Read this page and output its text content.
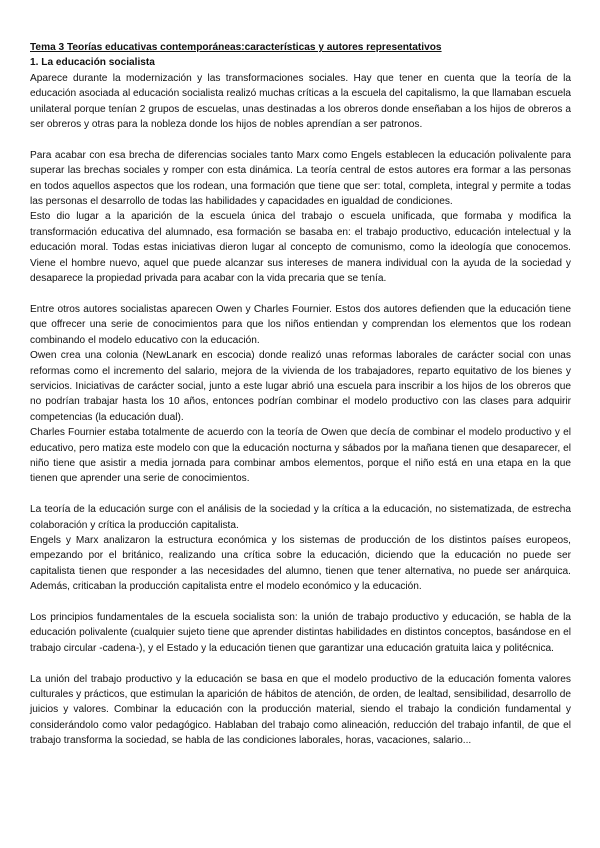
Tema 3 Teorías educativas contemporáneas:características y autores representativos
1. La educación socialista

Aparece durante la modernización y las transformaciones sociales. Hay que tener en cuenta que la teoría de la educación asociada al educación socialista realizó muchas críticas a la escuela del capitalismo, la que llamaban escuela unilateral porque tenían 2 grupos de escuelas, unas destinadas a los obreros donde enseñaban a los hijos de obreros a ser obreros y otras para la nobleza donde los hijos de nobles aprendían a ser patronos.

Para acabar con esa brecha de diferencias sociales tanto Marx como Engels establecen la educación polivalente para superar las brechas sociales y romper con esta dinámica. La teoría central de estos autores era formar a las personas en todos aquellos aspectos que los rodean, una formación que tiene que ser: total, completa, integral y permite a todas las personas el desarrollo de todas las habilidades y capacidades en igualdad de condiciones.

Esto dio lugar a la aparición de la escuela única del trabajo o escuela unificada, que formaba y modifica la transformación educativa del alumnado, esa formación se basaba en: el trabajo productivo, educación intelectual y la educación moral. Todas estas iniciativas dieron lugar al concepto de comunismo, como la ideología que conocemos. Viene el hombre nuevo, aquel que puede alcanzar sus intereses de manera individual con la ayuda de la sociedad y desaparece la propiedad privada para acabar con la vida precaria que se tenía.

Entre otros autores socialistas aparecen Owen y Charles Fournier. Estos dos autores defienden que la educación tiene que offrecer una serie de conocimientos para que los niños entiendan y comprendan los elementos que los rodean combinando el modelo educativo con la educación.

Owen crea una colonia (NewLanark en escocia) donde realizó unas reformas laborales de carácter social con unas reformas como el incremento del salario, mejora de la vivienda de los trabajadores, reparto equitativo de los bienes y servicios. Iniciativas de carácter social, junto a este lugar abrió una escuela para inscribir a los hijos de los obreros que no podrían trabajar hasta los 10 años, entonces podrían combinar el modelo productivo con las clases para adquirir competencias (la educación dual).

Charles Fournier estaba totalmente de acuerdo con la teoría de Owen que decía de combinar el modelo productivo y el educativo, pero matiza este modelo con que la educación nocturna y sábados por la mañana tienen que desaparecer, el niño tiene que asistir a media jornada para combinar ambos elementos, porque el niño está en una etapa en la que tienen que aprender una serie de conocimientos.

La teoría de la educación surge con el análisis de la sociedad y la crítica a la educación, no sistematizada, de estrecha colaboración y crítica la producción capitalista.

Engels y Marx analizaron la estructura económica y los sistemas de producción de los distintos países europeos, empezando por el británico, realizando una crítica sobre la educación, diciendo que la educación no puede ser capitalista tienen que responder a las necesidades del alumno, tienen que tener alternativa, no puede ser anárquica. Además, criticaban la producción capitalista entre el modelo económico y la educación.

Los principios fundamentales de la escuela socialista son: la unión de trabajo productivo y educación, se habla de la educación polivalente (cualquier sujeto tiene que aprender distintas habilidades en distintos conceptos, basándose en el trabajo circular -cadena-), y el Estado y la educación tienen que garantizar una educación gratuita laica y politécnica.

La unión del trabajo productivo y la educación se basa en que el modelo productivo de la educación fomenta valores culturales y prácticos, que estimulan la aparición de hábitos de atención, de orden, de lealtad, sensibilidad, desarrollo de juicios y valores. Combinar la educación con la producción material, siendo el trabajo la condición fundamental y considerándolo como valor pedagógico. Hablaban del trabajo como alineación, reducción del trabajo infantil, de que el trabajo transforma la sociedad, se habla de las condiciones laborales, horas, vacaciones, salario...
